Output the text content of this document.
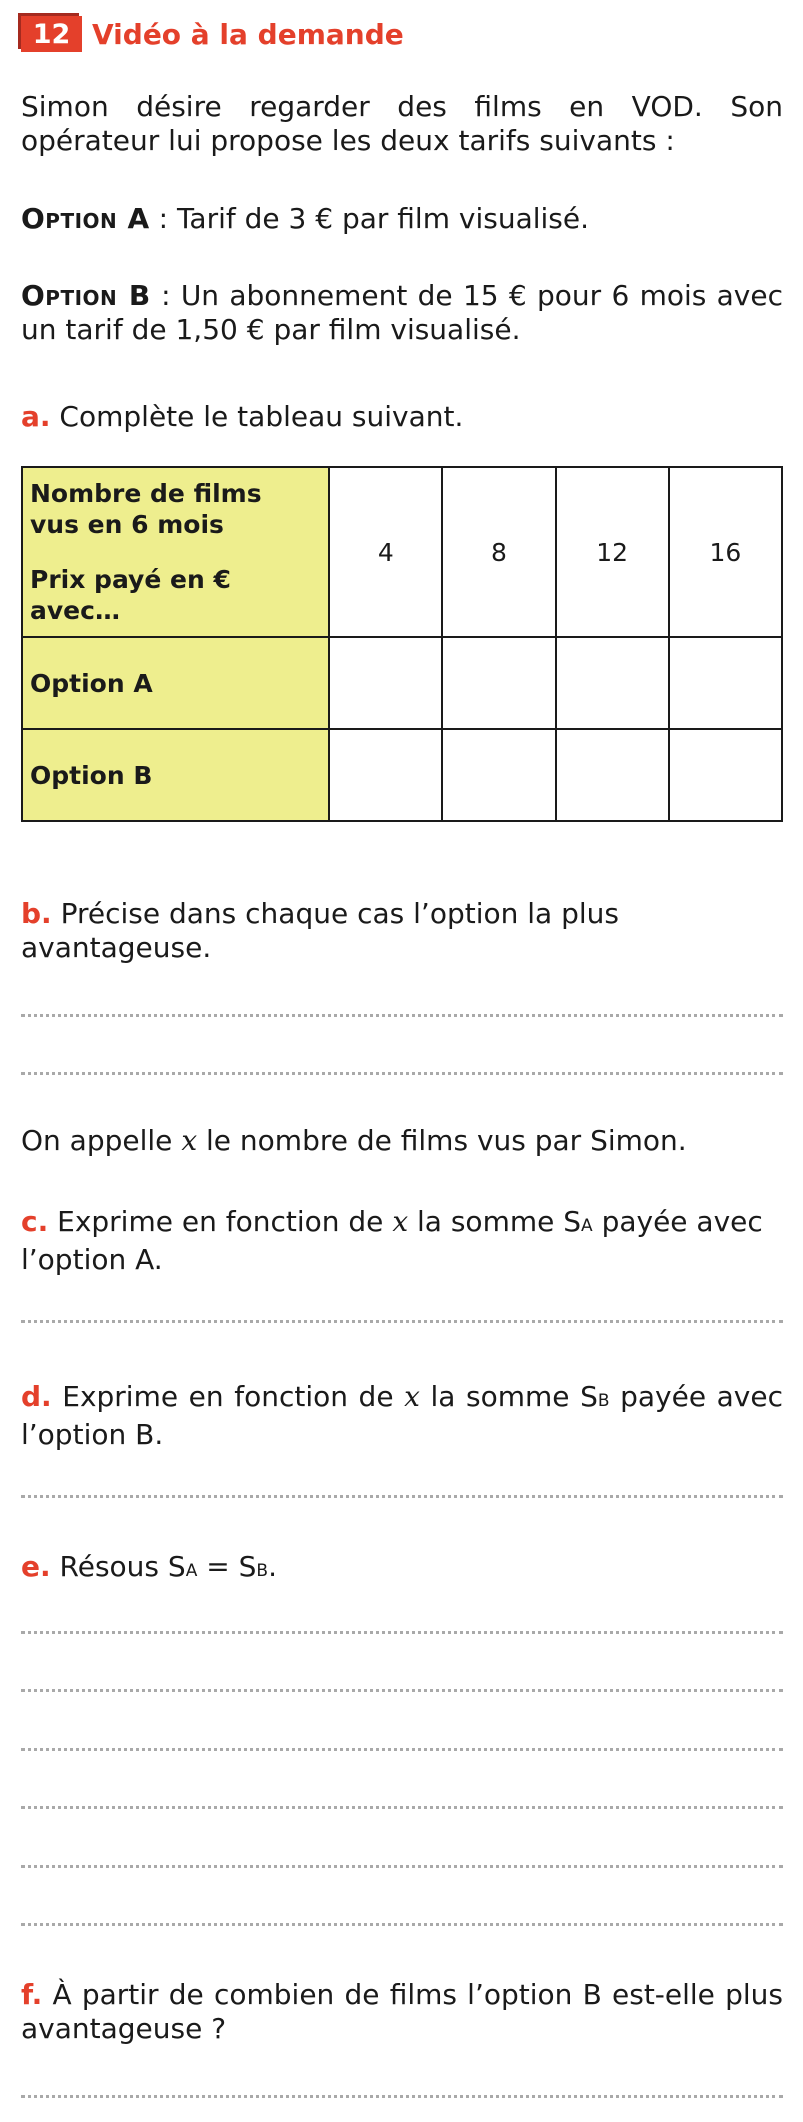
12 Vidéo à la demande
Simon désire regarder des films en VOD. Son opérateur lui propose les deux tarifs suivants :
Option A : Tarif de 3 € par film visualisé.
Option B : Un abonnement de 15 € pour 6 mois avec un tarif de 1,50 € par film visualisé.
a. Complète le tableau suivant.
Nombre de films
vus en 6 mois
Prix payé en €
avec…	4	8	12	16
Option A				
Option B				
b. Précise dans chaque cas l’option la plus avantageuse.
On appelle x le nombre de films vus par Simon.
c. Exprime en fonction de x la somme SA payée avec l’option A.
d. Exprime en fonction de x la somme SB payée avec l’option B.
e. Résous SA = SB.
f. À partir de combien de films l’option B est-elle plus avantageuse ?
